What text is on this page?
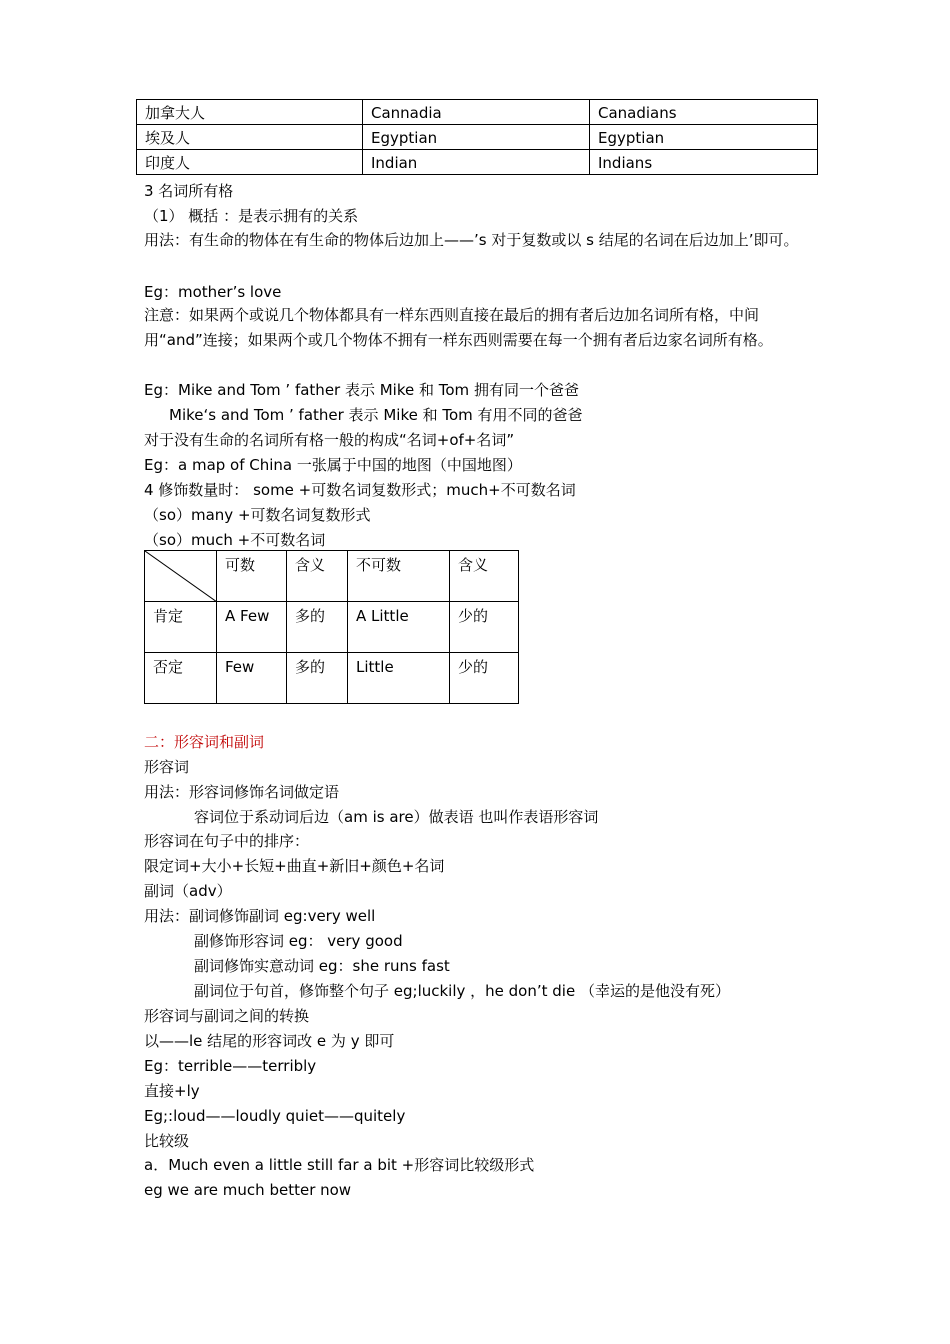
加拿大人	Cannadia	Canadians
埃及人	Egyptian	Egyptian
印度人	Indian	Indians
3 名词所有格
（1） 概括 ：是表示拥有的关系
用法：有生命的物体在有生命的物体后边加上——’s 对于复数或以 s 结尾的名词在后边加上’即可。
Eg：mother’s love
注意：如果两个或说几个物体都具有一样东西则直接在最后的拥有者后边加名词所有格，中间用“and”连接；如果两个或几个物体不拥有一样东西则需要在每一个拥有者后边家名词所有格。
Eg：Mike and Tom ’ father 表示 Mike 和 Tom 拥有同一个爸爸
Mike‘s and Tom ’ father 表示 Mike 和 Tom 有用不同的爸爸
对于没有生命的名词所有格一般的构成“名词+of+名词”
Eg：a map of China 一张属于中国的地图（中国地图）
4 修饰数量时： some +可数名词复数形式；much+不可数名词
（so）many +可数名词复数形式
（so）much +不可数名词
	可数	含义	不可数	含义
肯定	A Few	多的	A Little	少的
否定	Few	多的	Little	少的
二：形容词和副词
形容词
用法：形容词修饰名词做定语
容词位于系动词后边（am is are）做表语 也叫作表语形容词
形容词在句子中的排序：
限定词+大小+长短+曲直+新旧+颜色+名词
副词（adv）
用法：副词修饰副词 eg:very well
副修饰形容词 eg： very good
副词修饰实意动词 eg：she runs fast
副词位于句首，修饰整个句子 eg;luckily ，he don’t die （幸运的是他没有死）
形容词与副词之间的转换
以——le 结尾的形容词改 e 为 y 即可
Eg：terrible——terribly
直接+ly
Eg;:loud——loudly quiet——quitely
比较级
a．Much even a little still far a bit +形容词比较级形式
eg we are much better now
